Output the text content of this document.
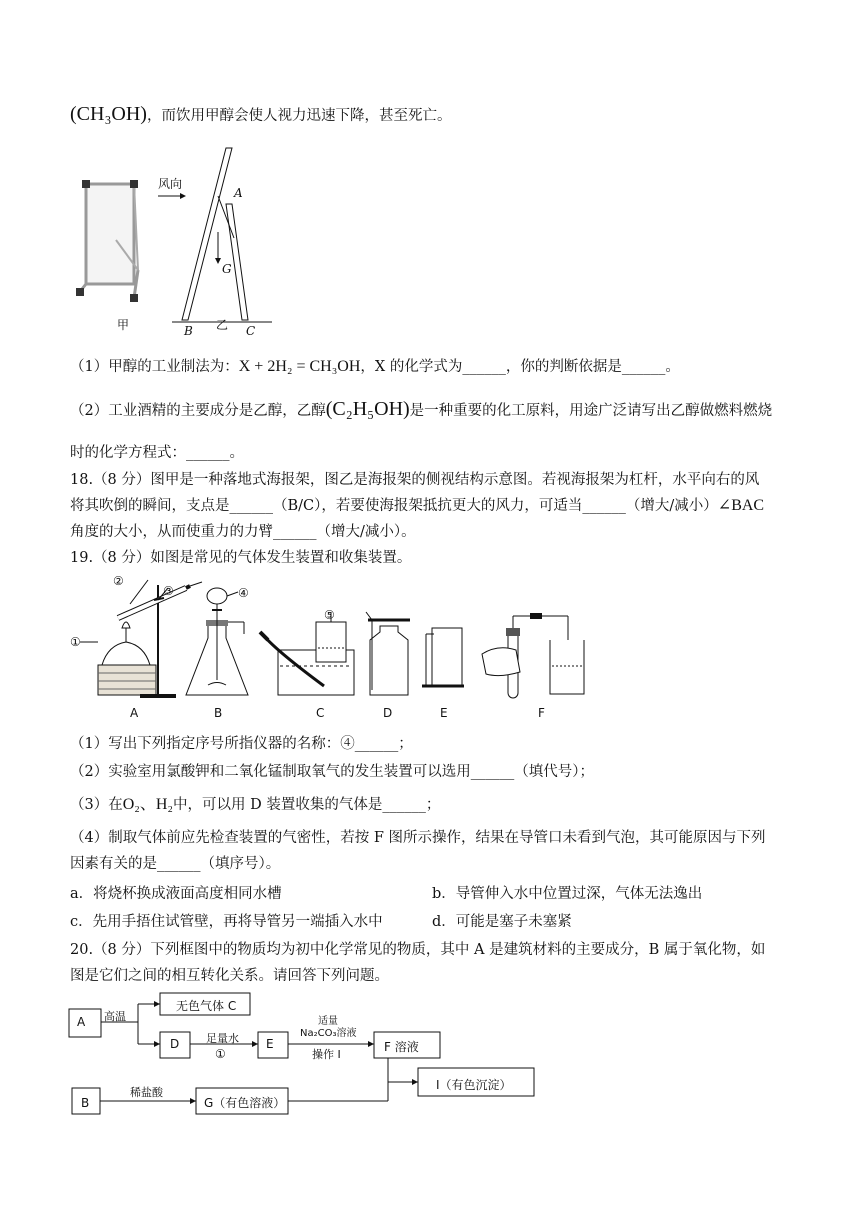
(CH₃OH)，而饮用甲醇会使人视力迅速下降，甚至死亡。
风向
A
G
B	C
甲	乙
（1）甲醇的工业制法为：X + 2H₂ = CH₃OH，X 的化学式为______，你的判断依据是______。
（2）工业酒精的主要成分是乙醇，乙醇(C₂H₅OH)是一种重要的化工原料，用途广泛请写出乙醇做燃料燃烧
时的化学方程式：______。
18.（8 分）图甲是一种落地式海报架，图乙是海报架的侧视结构示意图。若视海报架为杠杆，水平向右的风
将其吹倒的瞬间，支点是______（B/C），若要使海报架抵抗更大的风力，可适当______（增大/减小）∠BAC
角度的大小，从而使重力的力臂______（增大/减小）。
19.（8 分）如图是常见的气体发生装置和收集装置。
②
③
①
④
⑤
A	B	C	D	E	F
（1）写出下列指定序号所指仪器的名称：④______；
（2）实验室用氯酸钾和二氧化锰制取氧气的发生装置可以选用______（填代号）；
（3）在O₂、H₂中，可以用 D 装置收集的气体是______；
（4）制取气体前应先检查装置的气密性，若按 F 图所示操作，结果在导管口未看到气泡，其可能原因与下列
因素有关的是______（填序号）。
a．将烧杯换成液面高度相同水槽	b．导管伸入水中位置过深，气体无法逸出
c．先用手捂住试管壁，再将导管另一端插入水中	d．可能是塞子未塞紧
20.（8 分）下列框图中的物质均为初中化学常见的物质，其中 A 是建筑材料的主要成分，B 属于氧化物，如
图是它们之间的相互转化关系。请回答下列问题。
A 高温
无色气体 C
D 足量水
①
E
适量
Na₂CO₃溶液
操作 I
F 溶液
I（有色沉淀）
B
稀盐酸
G（有色溶液）
